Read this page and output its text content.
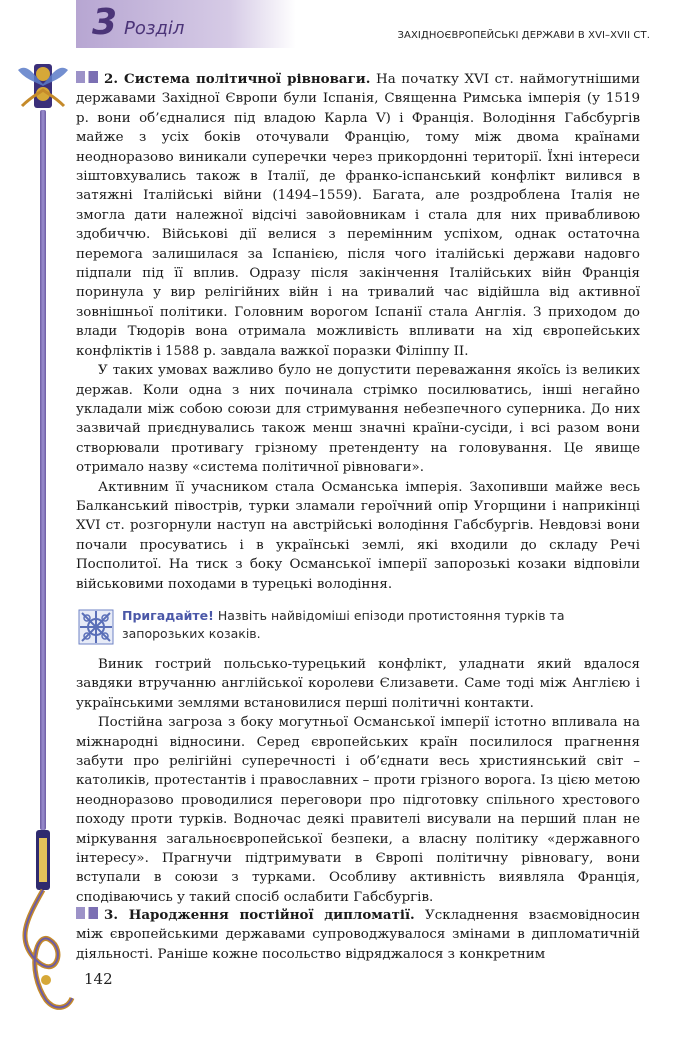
3 Розділ	ЗАХІДНОЄВРОПЕЙСЬКІ ДЕРЖАВИ В XVI–XVII СТ.

2. Система політичної рівноваги. На початку XVI ст. наймогутнішими державами Західної Європи були Іспанія, Священна Римська імперія (у 1519 р. вони об’єдналися під владою Карла V) і Франція. Володіння Габсбургів майже з усіх боків оточували Францію, тому між двома країнами неодноразово виникали суперечки через прикордонні території. Їхні інтереси зіштовхувались також в Італії, де франко-іспанський конфлікт вилився в затяжні Італійські війни (1494–1559). Багата, але роздроблена Італія не змогла дати належної відсічі завойовникам і стала для них привабливою здобиччю. Військові дії велися з перемінним успіхом, однак остаточна перемога залишилася за Іспанією, після чого італійські держави надовго підпали під її вплив. Одразу після закінчення Італійських війн Франція поринула у вир релігійних війн і на тривалий час відійшла від активної зовнішньої політики. Головним ворогом Іспанії стала Англія. З приходом до влади Тюдорів вона отримала можливість впливати на хід європейських конфліктів і 1588 р. завдала важкої поразки Філіппу II.

У таких умовах важливо було не допустити переважання якоїсь із великих держав. Коли одна з них починала стрімко посилюватись, інші негайно укладали між собою союзи для стримування небезпечного суперника. До них зазвичай приєднувались також менш значні країни-сусіди, і всі разом вони створювали противагу грізному претенденту на головування. Це явище отримало назву «система політичної рівноваги».

Активним її учасником стала Османська імперія. Захопивши майже весь Балканський півострів, турки зламали героїчний опір Угорщини і наприкінці XVI ст. розгорнули наступ на австрійські володіння Габсбургів. Невдовзі вони почали просуватись і в українські землі, які входили до складу Речі Посполитої. На тиск з боку Османської імперії запорозькі козаки відповіли військовими походами в турецькі володіння.

Пригадайте! Назвіть найвідоміші епізоди протистояння турків та запорозьких козаків.

Виник гострий польсько-турецький конфлікт, уладнати який вдалося завдяки втручанню англійської королеви Єлизавети. Саме тоді між Англією і українськими землями встановилися перші політичні контакти.

Постійна загроза з боку могутньої Османської імперії істотно впливала на міжнародні відносини. Серед європейських країн посилилося прагнення забути про релігійні суперечності і об’єднати весь християнський світ – католиків, протестантів і православних – проти грізного ворога. Із цією метою неодноразово проводилися переговори про підготовку спільного хрестового походу проти турків. Водночас деякі правителі висували на перший план не міркування загальноєвропейської безпеки, а власну політику «державного інтересу». Прагнучи підтримувати в Європі політичну рівновагу, вони вступали в союзи з турками. Особливу активність виявляла Франція, сподіваючись у такий спосіб ослабити Габсбургів.

3. Народження постійної дипломатії. Ускладнення взаємовідносин між європейськими державами супроводжувалося змінами в дипломатичній діяльності. Раніше кожне посольство відряджалося з конкретним

142
